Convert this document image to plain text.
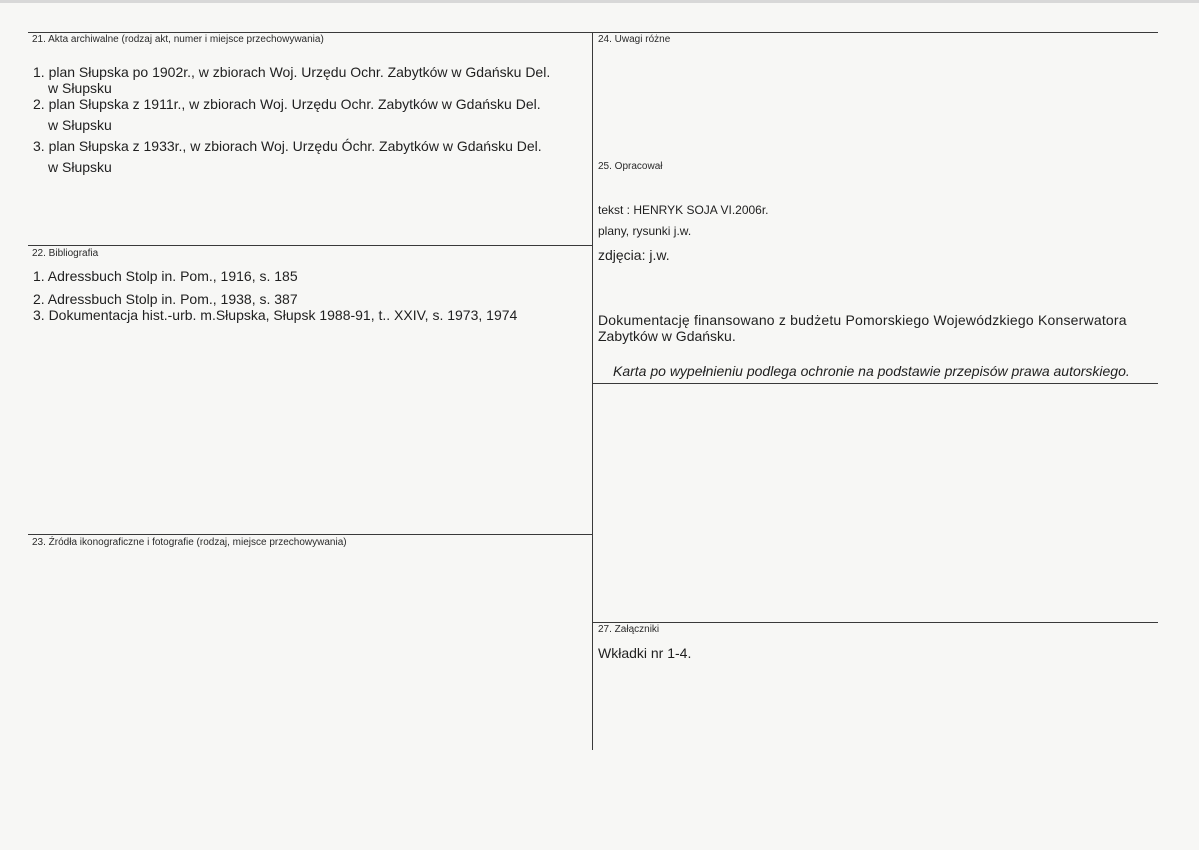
21. Akta archiwalne (rodzaj akt, numer i miejsce przechowywania)
1. plan Słupska po 1902r., w zbiorach Woj. Urzędu Ochr. Zabytków w Gdańsku Del.
w Słupsku
2. plan Słupska z 1911r., w zbiorach Woj. Urzędu Ochr. Zabytków w Gdańsku Del.
w Słupsku
3. plan Słupska z 1933r., w zbiorach Woj. Urzędu Óchr. Zabytków w Gdańsku Del.
w Słupsku
22. Bibliografia
1. Adressbuch Stolp in. Pom., 1916, s. 185
2. Adressbuch Stolp in. Pom., 1938, s. 387
3. Dokumentacja hist.-urb. m.Słupska, Słupsk 1988-91, t.. XXIV, s. 1973, 1974
23. Źródła ikonograficzne i fotografie (rodzaj, miejsce przechowywania)
24. Uwagi różne
25. Opracował
tekst : HENRYK SOJA VI.2006r.
plany, rysunki j.w.
zdjęcia: j.w.
Dokumentację finansowano z budżetu Pomorskiego Wojewódzkiego Konserwatora
Zabytków w Gdańsku.
Karta po wypełnieniu podlega ochronie na podstawie przepisów prawa autorskiego.
27. Załączniki
Wkładki nr 1-4.
